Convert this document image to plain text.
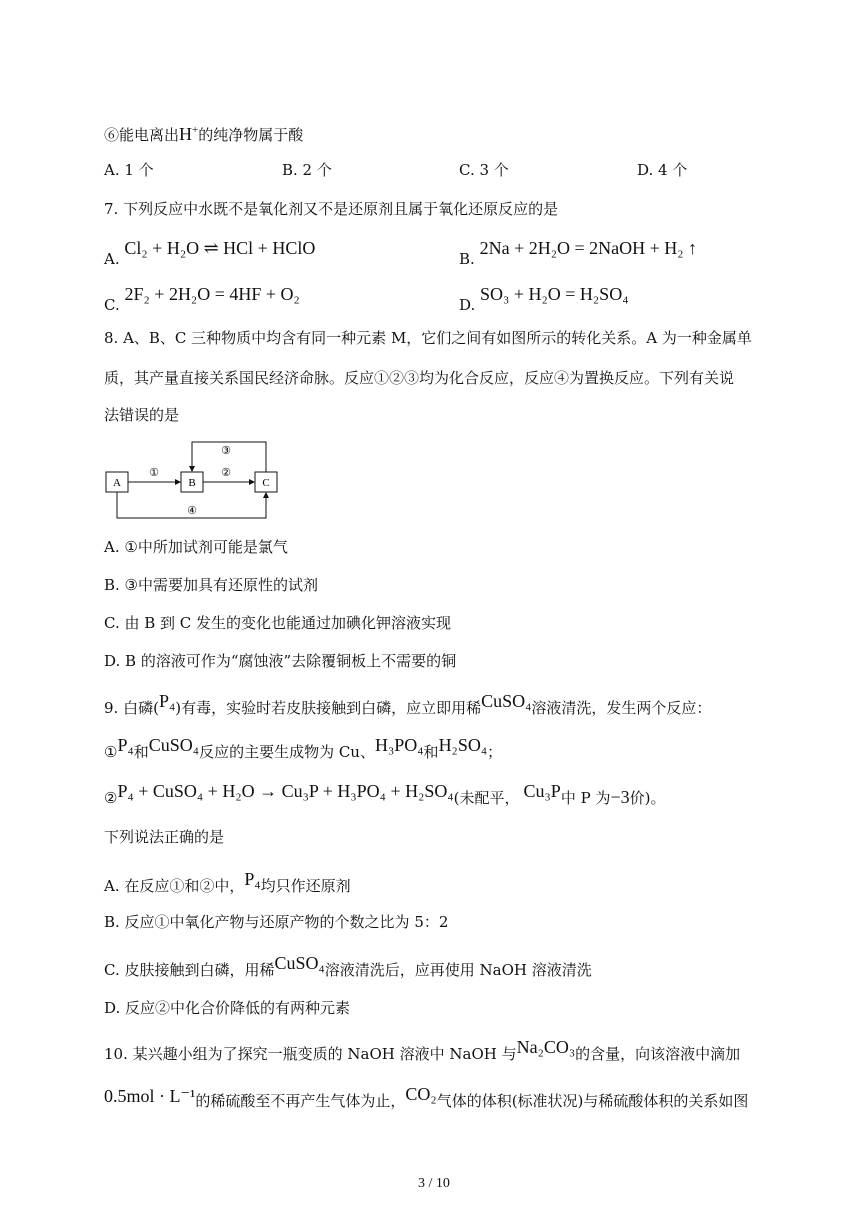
⑥能电离出H+的纯净物属于酸
A. 1 个	B. 2 个	C. 3 个	D. 4 个
7. 下列反应中水既不是氧化剂又不是还原剂且属于氧化还原反应的是
A. Cl₂ + H₂O ⇌ HCl + HClO
B. 2Na + 2H₂O = 2NaOH + H₂ ↑
C. 2F₂ + 2H₂O = 4HF + O₂
D. SO₃ + H₂O = H₂SO₄
8. A、B、C 三种物质中均含有同一种元素 M，它们之间有如图所示的转化关系。A 为一种金属单
质，其产量直接关系国民经济命脉。反应①②③均为化合反应，反应④为置换反应。下列有关说
法错误的是
A	B	C
①	②
③
④
A. ①中所加试剂可能是氯气
B. ③中需要加具有还原性的试剂
C. 由 B 到 C 发生的变化也能通过加碘化钾溶液实现
D. B 的溶液可作为“腐蚀液”去除覆铜板上不需要的铜
9. 白磷(P₄)有毒，实验时若皮肤接触到白磷，应立即用稀CuSO₄溶液清洗，发生两个反应：
①P₄和CuSO₄反应的主要生成物为 Cu、H₃PO₄和H₂SO₄；
②P₄ + CuSO₄ + H₂O → Cu₃P + H₃PO₄ + H₂SO₄(未配平， Cu₃P中 P 为−3价)。
下列说法正确的是
A. 在反应①和②中，P₄均只作还原剂
B. 反应①中氧化产物与还原产物的个数之比为 5：2
C. 皮肤接触到白磷，用稀CuSO₄溶液清洗后，应再使用 NaOH 溶液清洗
D. 反应②中化合价降低的有两种元素
10. 某兴趣小组为了探究一瓶变质的 NaOH 溶液中 NaOH 与Na₂CO₃的含量，向该溶液中滴加
0.5mol · L⁻¹的稀硫酸至不再产生气体为止，CO₂气体的体积(标准状况)与稀硫酸体积的关系如图
3 / 10
